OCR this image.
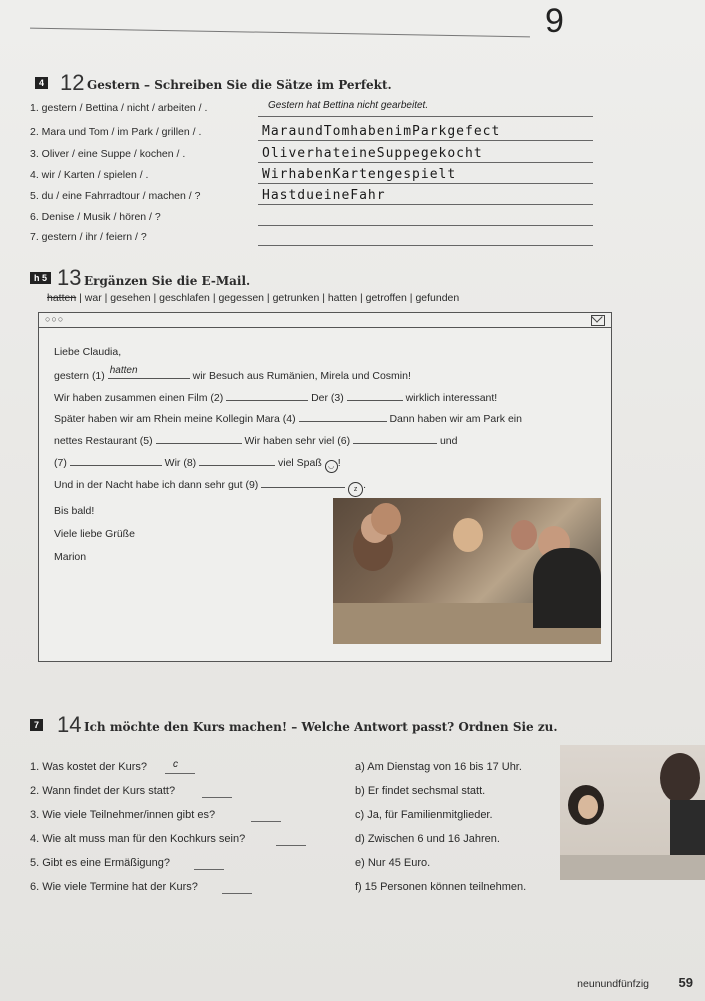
9
4 12 Gestern – Schreiben Sie die Sätze im Perfekt.
1. gestern / Bettina / nicht / arbeiten / .	Gestern hat Bettina nicht gearbeitet.
2. Mara und Tom / im Park / grillen / .	MaraundTomhabenimParkgefect
3. Oliver / eine Suppe / kochen / .	OliverhateineSuppegekocht
4. wir / Karten / spielen / .	WirhabenKartengespielt
5. du / eine Fahrradtour / machen / ?	HastdueineFahr
6. Denise / Musik / hören / ?
7. gestern / ihr / feiern / ?
h 5 13 Ergänzen Sie die E-Mail.
hatten | war | gesehen | geschlafen | gegessen | getrunken | hatten | getroffen | gefunden
○○○
Liebe Claudia,
gestern (1) hatten	wir Besuch aus Rumänien, Mirela und Cosmin!
Wir haben zusammen einen Film (2)	Der (3)	wirklich interessant!
Später haben wir am Rhein meine Kollegin Mara (4)	Dann haben wir am Park ein
nettes Restaurant (5)	Wir haben sehr viel (6)	und
(7)	Wir (8)	viel Spaß ◡ !
Und in der Nacht habe ich dann sehr gut (9)	z .
Bis bald!
Viele liebe Grüße
Marion
7 14 Ich möchte den Kurs machen! – Welche Antwort passt? Ordnen Sie zu.
1. Was kostet der Kurs?	c
2. Wann findet der Kurs statt?
3. Wie viele Teilnehmer/innen gibt es?
4. Wie alt muss man für den Kochkurs sein?
5. Gibt es eine Ermäßigung?
6. Wie viele Termine hat der Kurs?
a) Am Dienstag von 16 bis 17 Uhr.
b) Er findet sechsmal statt.
c) Ja, für Familienmitglieder.
d) Zwischen 6 und 16 Jahren.
e) Nur 45 Euro.
f) 15 Personen können teilnehmen.
neunundfünfzig 59
